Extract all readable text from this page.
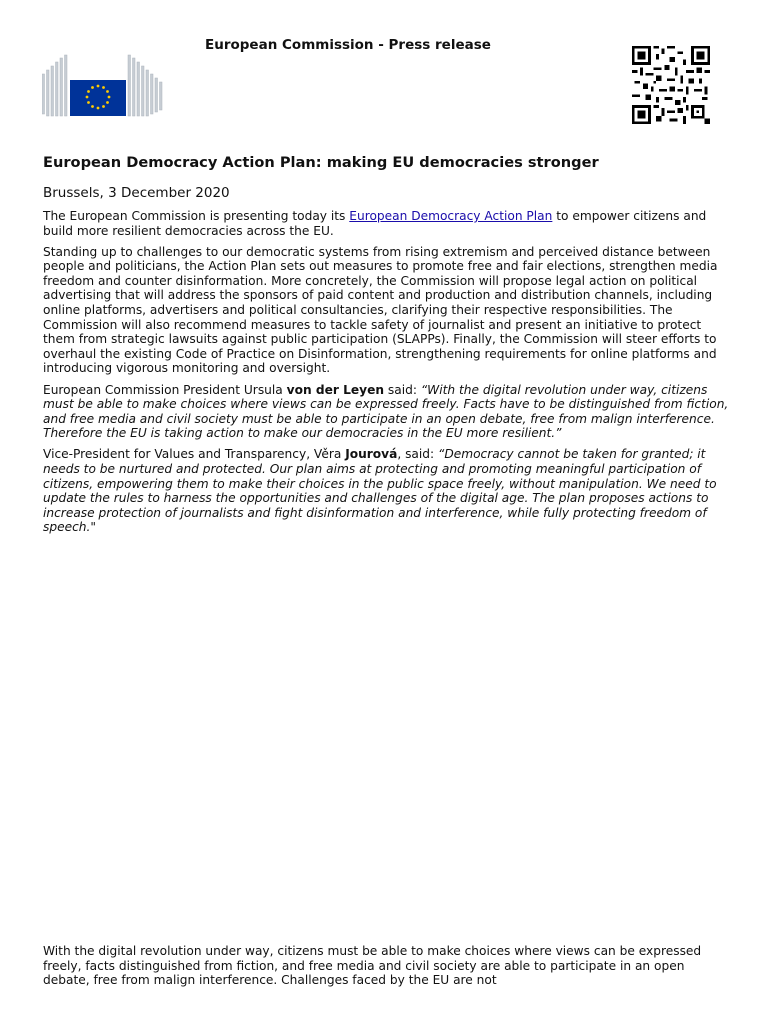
European Commission - Press release
European Democracy Action Plan: making EU democracies stronger
Brussels, 3 December 2020

The European Commission is presenting today its European Democracy Action Plan to empower citizens and build more resilient democracies across the EU.

Standing up to challenges to our democratic systems from rising extremism and perceived distance between people and politicians, the Action Plan sets out measures to promote free and fair elections, strengthen media freedom and counter disinformation. More concretely, the Commission will propose legal action on political advertising that will address the sponsors of paid content and production and distribution channels, including online platforms, advertisers and political consultancies, clarifying their respective responsibilities. The Commission will also recommend measures to tackle safety of journalist and present an initiative to protect them from strategic lawsuits against public participation (SLAPPs). Finally, the Commission will steer efforts to overhaul the existing Code of Practice on Disinformation, strengthening requirements for online platforms and introducing vigorous monitoring and oversight.

European Commission President Ursula von der Leyen said: “With the digital revolution under way, citizens must be able to make choices where views can be expressed freely. Facts have to be distinguished from fiction, and free media and civil society must be able to participate in an open debate, free from malign interference. Therefore the EU is taking action to make our democracies in the EU more resilient.”

Vice-President for Values and Transparency, Věra Jourová, said: “Democracy cannot be taken for granted; it needs to be nurtured and protected. Our plan aims at protecting and promoting meaningful participation of citizens, empowering them to make their choices in the public space freely, without manipulation. We need to update the rules to harness the opportunities and challenges of the digital age. The plan proposes actions to increase protection of journalists and fight disinformation and interference, while fully protecting freedom of speech."

With the digital revolution under way, citizens must be able to make choices where views can be expressed freely, facts distinguished from fiction, and free media and civil society are able to participate in an open debate, free from malign interference. Challenges faced by the EU are not
